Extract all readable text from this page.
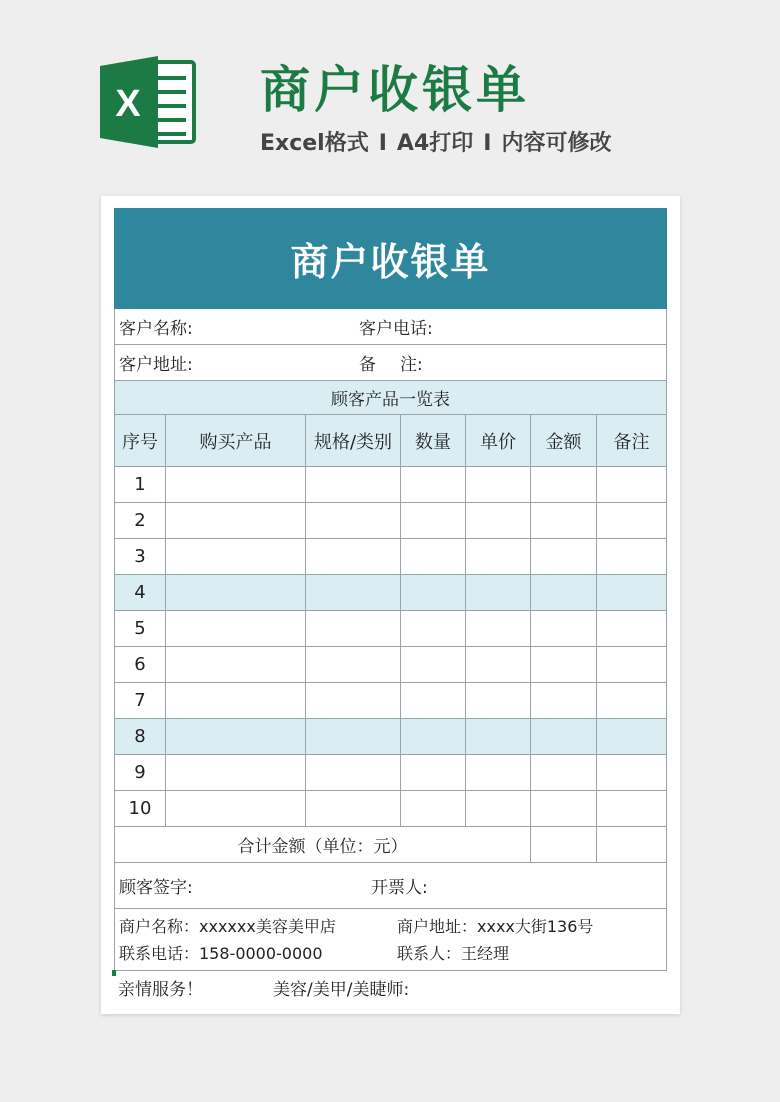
X 商户收银单
Excel格式 I A4打印 I 内容可修改
商户收银单						

客户名称: 客户电话:						

客户地址: 备 注:						

顾客产品一览表						
序号	购买产品	规格/类别	数量	单价	金额	备注
1						
2						
3						
4						
5						
6						
7						
8						
9						
10						
合计金额（单位：元）						

顾客签字: 开票人:						

商户名称：xxxxxx美容美甲店 商户地址：xxxx大街136号
联系电话：158-0000-0000 联系人：王经理						
亲情服务！	美容/美甲/美睫师:
